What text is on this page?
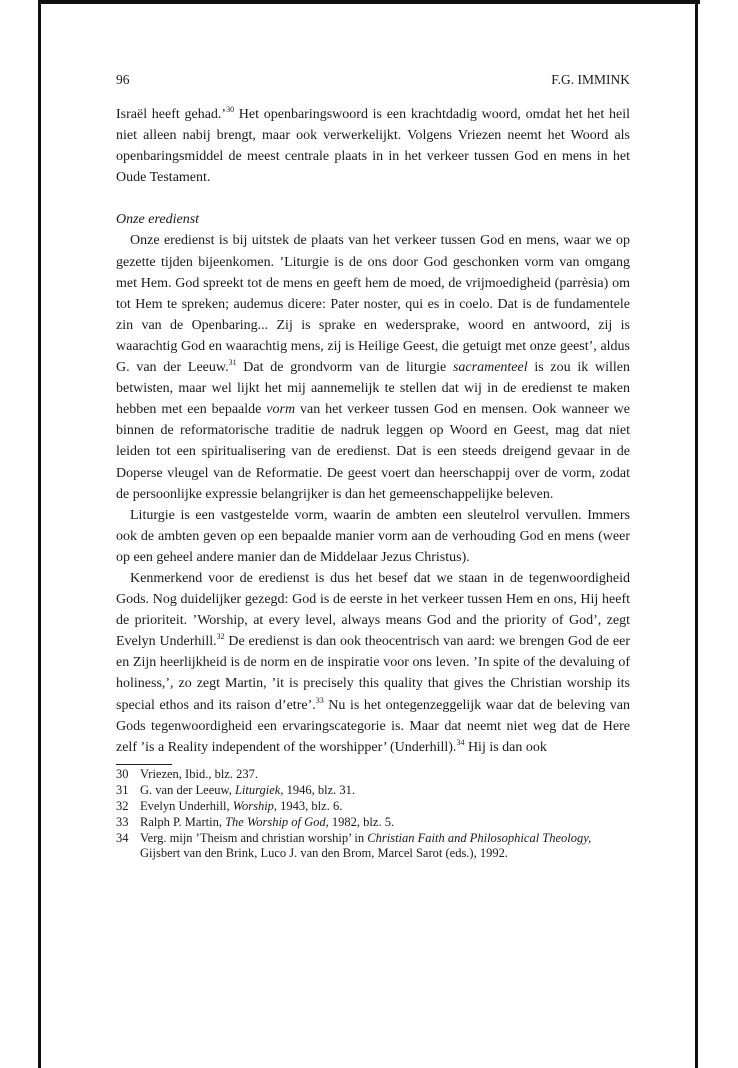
96	F.G. IMMINK

Israël heeft gehad.’$^{30}$ Het openbaringswoord is een krachtdadig woord, omdat het het heil niet alleen nabij brengt, maar ook verwerkelijkt. Volgens Vriezen neemt het Woord als openbaringsmiddel de meest centrale plaats in in het verkeer tussen God en mens in het Oude Testament.

Onze eredienst

Onze eredienst is bij uitstek de plaats van het verkeer tussen God en mens, waar we op gezette tijden bijeenkomen. ’Liturgie is de ons door God geschonken vorm van omgang met Hem. God spreekt tot de mens en geeft hem de moed, de vrijmoedigheid (parrèsia) om tot Hem te spreken; audemus dicere: Pater noster, qui es in coelo. Dat is de fundamentele zin van de Openbaring... Zij is sprake en wedersprake, woord en antwoord, zij is waarachtig God en waarachtig mens, zij is Heilige Geest, die getuigt met onze geest’, aldus G. van der Leeuw.$^{31}$ Dat de grondvorm van de liturgie sacramenteel is zou ik willen betwisten, maar wel lijkt het mij aannemelijk te stellen dat wij in de eredienst te maken hebben met een bepaalde vorm van het verkeer tussen God en mensen. Ook wanneer we binnen de reformatorische traditie de nadruk leggen op Woord en Geest, mag dat niet leiden tot een spiritualisering van de eredienst. Dat is een steeds dreigend gevaar in de Doperse vleugel van de Reformatie. De geest voert dan heerschappij over de vorm, zodat de persoonlijke expressie belangrijker is dan het gemeenschappelijke beleven.

Liturgie is een vastgestelde vorm, waarin de ambten een sleutelrol vervullen. Immers ook de ambten geven op een bepaalde manier vorm aan de verhouding God en mens (weer op een geheel andere manier dan de Middelaar Jezus Christus).

Kenmerkend voor de eredienst is dus het besef dat we staan in de tegenwoordigheid Gods. Nog duidelijker gezegd: God is de eerste in het verkeer tussen Hem en ons, Hij heeft de prioriteit. ’Worship, at every level, always means God and the priority of God’, zegt Evelyn Underhill.$^{32}$ De eredienst is dan ook theocentrisch van aard: we brengen God de eer en Zijn heerlijkheid is de norm en de inspiratie voor ons leven. ’In spite of the devaluing of holiness,’, zo zegt Martin, ’it is precisely this quality that gives the Christian worship its special ethos and its raison d’etre’.$^{33}$ Nu is het ontegenzeggelijk waar dat de beleving van Gods tegenwoordigheid een ervaringscategorie is. Maar dat neemt niet weg dat de Here zelf ’is a Reality independent of the worshipper’ (Underhill).$^{34}$ Hij is dan ook

30 Vriezen, Ibid., blz. 237.
31 G. van der Leeuw, Liturgiek, 1946, blz. 31.
32 Evelyn Underhill, Worship, 1943, blz. 6.
33 Ralph P. Martin, The Worship of God, 1982, blz. 5.
34 Verg. mijn ’Theism and christian worship’ in Christian Faith and Philosophical Theology, Gijsbert van den Brink, Luco J. van den Brom, Marcel Sarot (eds.), 1992.
